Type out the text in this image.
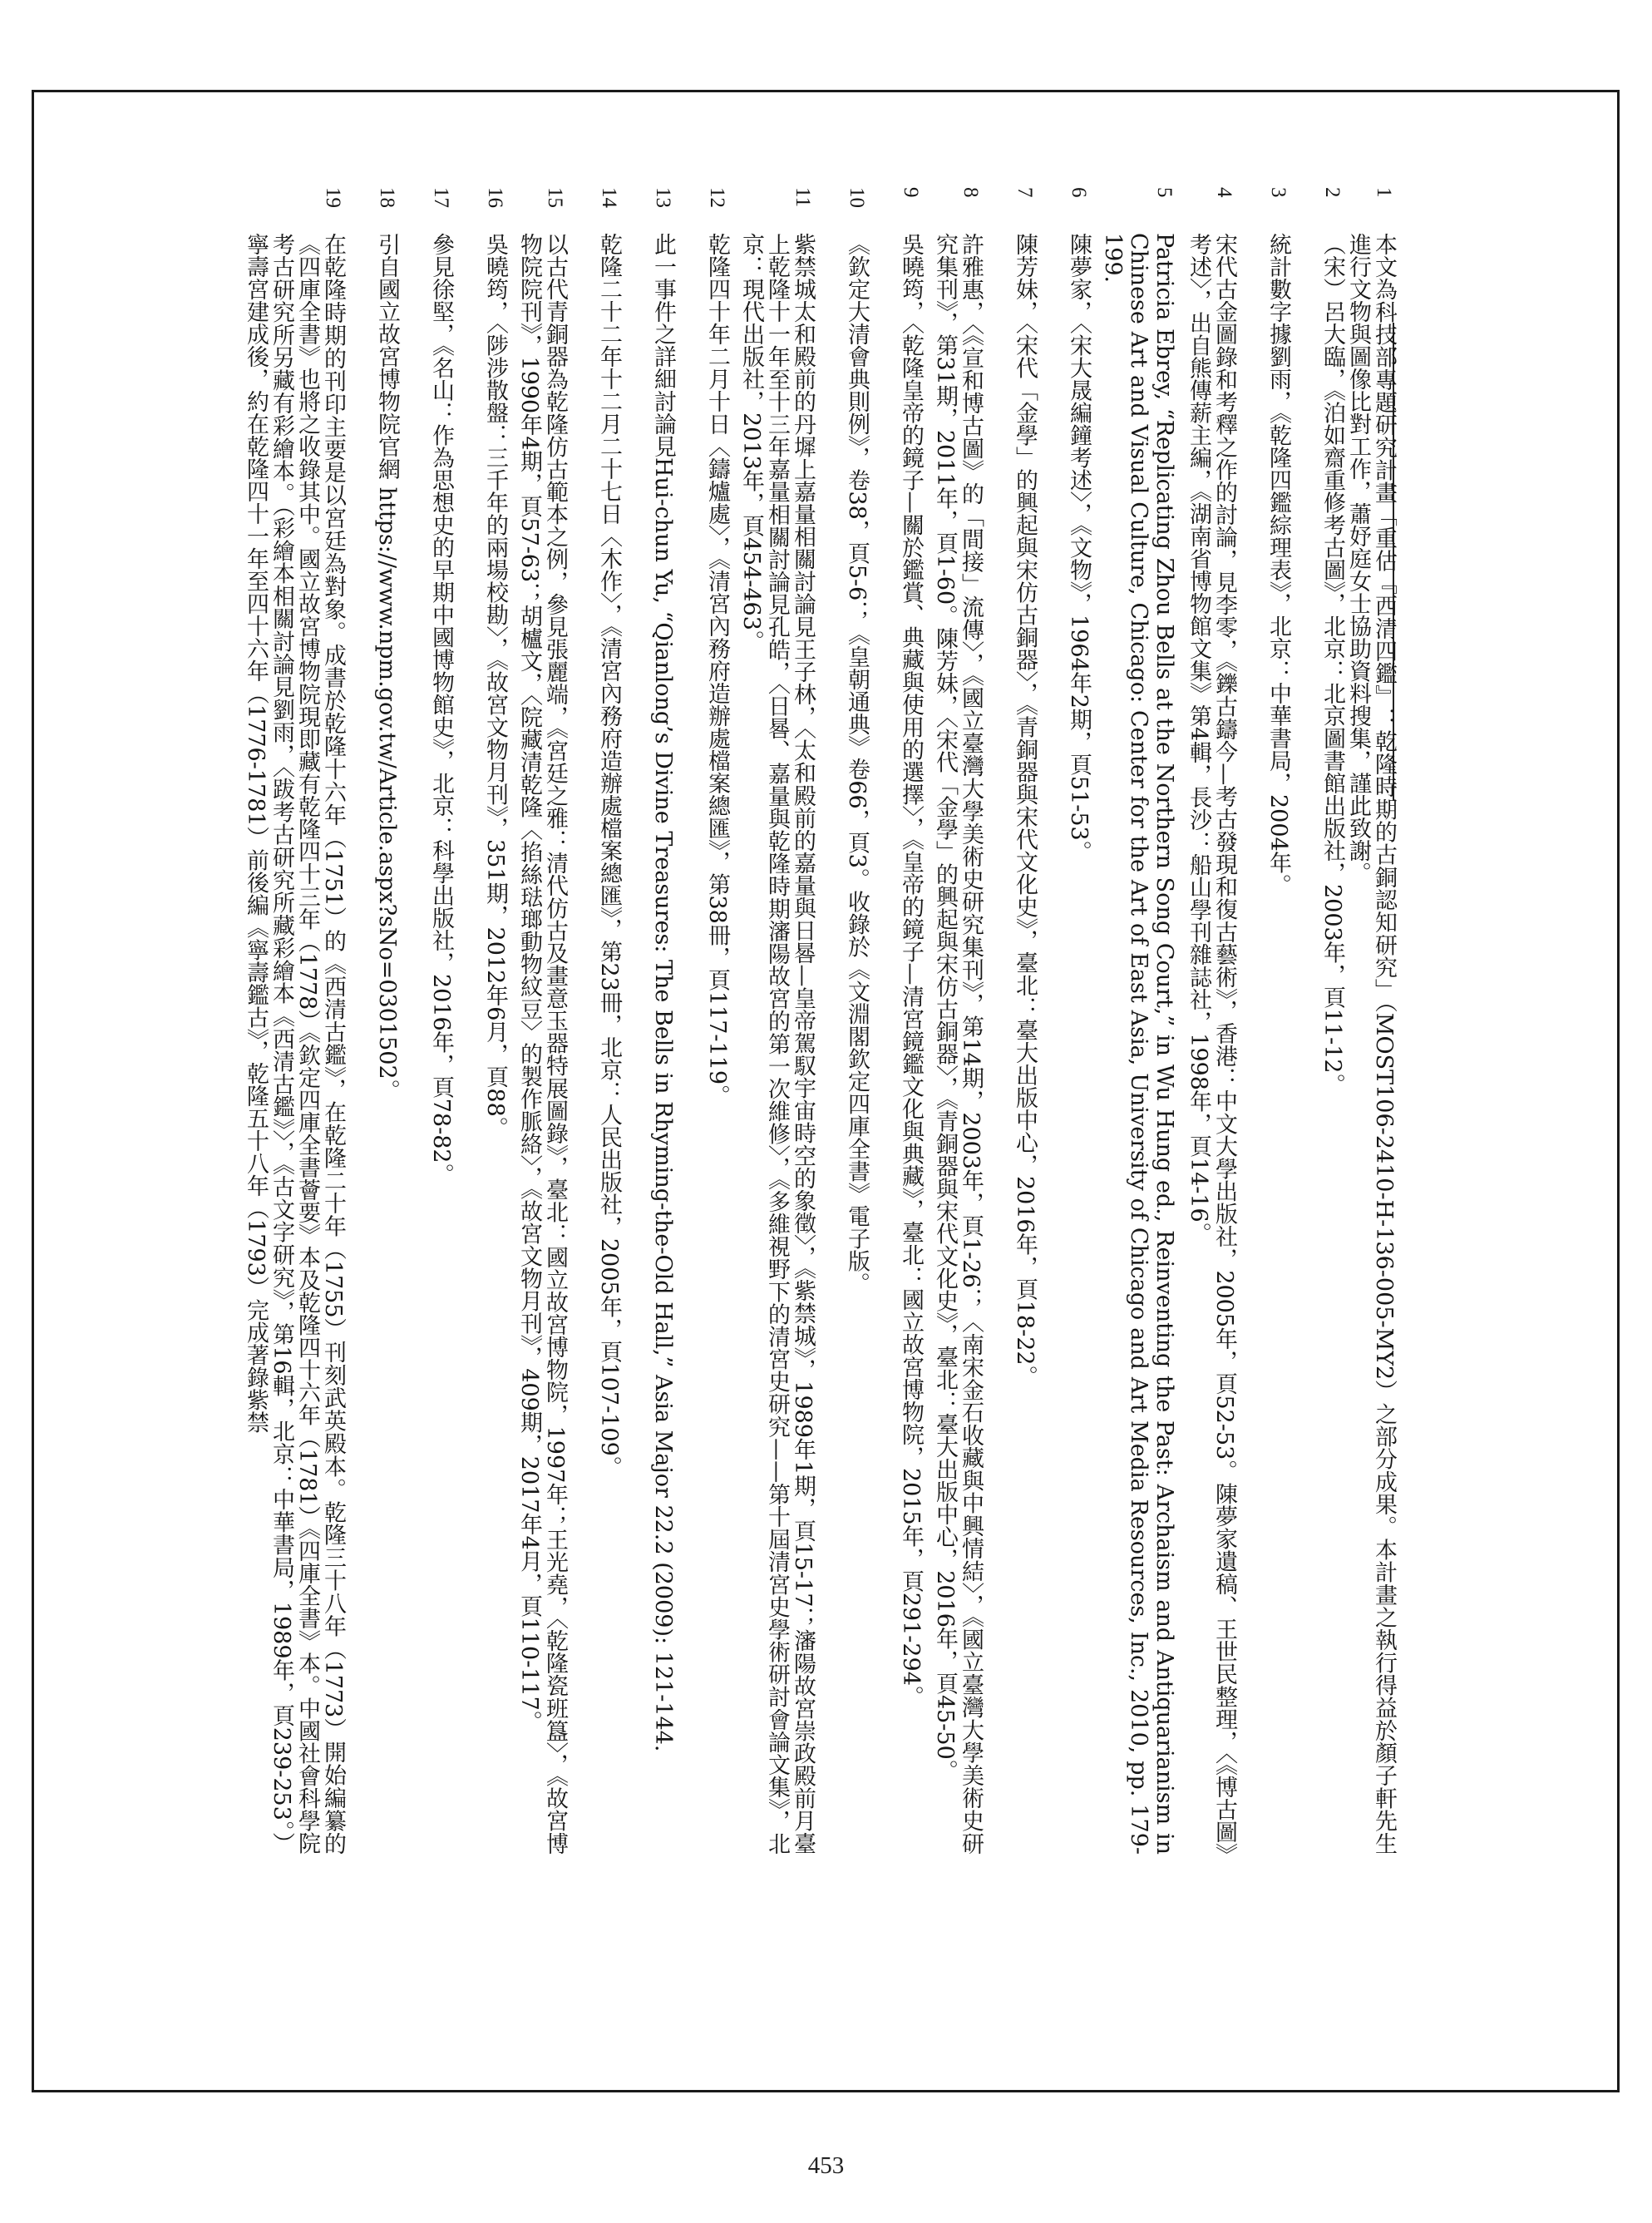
1
本文為科技部專題研究計畫「重估『西清四鑑』：乾隆時期的古銅認知研究」（MOST106-2410-H-136-005-MY2）之部分成果。本計畫之執行得益於顏子軒先生進行文物與圖像比對工作，蕭妤庭女士協助資料搜集，謹此致謝。
2
（宋）呂大臨，《泊如齋重修考古圖》，北京：北京圖書館出版社，2003年，頁11-12。
3
統計數字據劉雨，《乾隆四鑑綜理表》，北京：中華書局，2004年。
4
宋代古金圖錄和考釋之作的討論，見李零，《鑠古鑄今—考古發現和復古藝術》，香港：中文大學出版社，2005年，頁52-53。陳夢家遺稿、王世民整理，〈《博古圖》考述〉，出自熊傳薪主編，《湖南省博物館文集》第4輯，長沙：船山學刊雜誌社，1998年，頁14-16。
5
Patricia Ebrey, “Replicating Zhou Bells at the Northern Song Court,” in Wu Hung ed., Reinventing the Past: Archaism and Antiquarianism in Chinese Art and Visual Culture, Chicago: Center for the Art of East Asia, University of Chicago and Art Media Resources, Inc., 2010, pp. 179-199.
6
陳夢家，〈宋大晟編鐘考述〉，《文物》，1964年2期，頁51-53。
7
陳芳妹，〈宋代「金學」的興起與宋仿古銅器〉，《青銅器與宋代文化史》，臺北：臺大出版中心，2016年，頁18-22。
8
許雅惠，〈《宣和博古圖》的「間接」流傳〉，《國立臺灣大學美術史研究集刊》，第14期，2003年，頁1-26；〈南宋金石收藏與中興情結〉，《國立臺灣大學美術史研究集刊》，第31期，2011年，頁1-60。陳芳妹，〈宋代「金學」的興起與宋仿古銅器〉，《青銅器與宋代文化史》，臺北：臺大出版中心，2016年，頁45-50。
9
吳曉筠，〈乾隆皇帝的鏡子—關於鑑賞、典藏與使用的選擇〉，《皇帝的鏡子—清宮鏡鑑文化與典藏》，臺北：國立故宮博物院，2015年，頁291-294。
10
《欽定大清會典則例》，卷38，頁5-6；《皇朝通典》卷66，頁3。收錄於《文淵閣欽定四庫全書》電子版。
11
紫禁城太和殿前的丹墀上嘉量相關討論見王子林，〈太和殿前的嘉量與日晷—皇帝駕馭宇宙時空的象徵〉，《紫禁城》，1989年1期，頁15-17；瀋陽故宮崇政殿前月臺上乾隆十一年至十三年嘉量相關討論見孔皓，〈日晷、嘉量與乾隆時期瀋陽故宮的第一次維修〉，《多維視野下的清宮史研究——第十屆清宮史學術研討會論文集》，北京：現代出版社，2013年，頁454-463。
12
乾隆四十年二月十日〈鑄爐處〉，《清宮內務府造辦處檔案總匯》，第38冊，頁117-119。
13
此一事件之詳細討論見Hui-chun Yu, “Qianlong’s Divine Treasures: The Bells in Rhyming-the-Old Hall,” Asia Major 22.2 (2009): 121-144.
14
乾隆二十二年十二月二十七日〈木作〉，《清宮內務府造辦處檔案總匯》，第23冊，北京：人民出版社，2005年，頁107-109。
15
以古代青銅器為乾隆仿古範本之例，參見張麗端，《宮廷之雅：清代仿古及畫意玉器特展圖錄》，臺北：國立故宮博物院，1997年；王光堯，〈乾隆瓷班簋〉，《故宮博物院院刊》，1990年4期，頁57-63；胡櫨文，〈院藏清乾隆〈掐絲琺瑯動物紋豆〉的製作脈絡〉，《故宮文物月刊》，409期，2017年4月，頁110-117。
16
吳曉筠，〈陟涉散盤：三千年的兩場校勘〉，《故宮文物月刊》，351期，2012年6月，頁88。
17
參見徐堅，《名山：作為思想史的早期中國博物館史》，北京：科學出版社，2016年，頁78-82。
18
引自國立故宮博物院官網 https://www.npm.gov.tw/Article.aspx?sNo=0301502。
19
在乾隆時期的刊印主要是以宮廷為對象。成書於乾隆十六年（1751）的《西清古鑑》，在乾隆二十年（1755）刊刻武英殿本。乾隆三十八年（1773）開始編纂的《四庫全書》也將之收錄其中。國立故宮博物院現即藏有乾隆四十三年（1778）《欽定四庫全書薈要》本及乾隆四十六年（1781）《四庫全書》本。中國社會科學院考古研究所另藏有彩繪本。（彩繪本相關討論見劉雨，〈跋考古研究所藏彩繪本《西清古鑑》〉，《古文字研究》，第16輯，北京：中華書局，1989年，頁239-253。）寧壽宮建成後，約在乾隆四十一年至四十六年（1776-1781）前後編《寧壽鑑古》，乾隆五十八年（1793）完成著錄紫禁
453
